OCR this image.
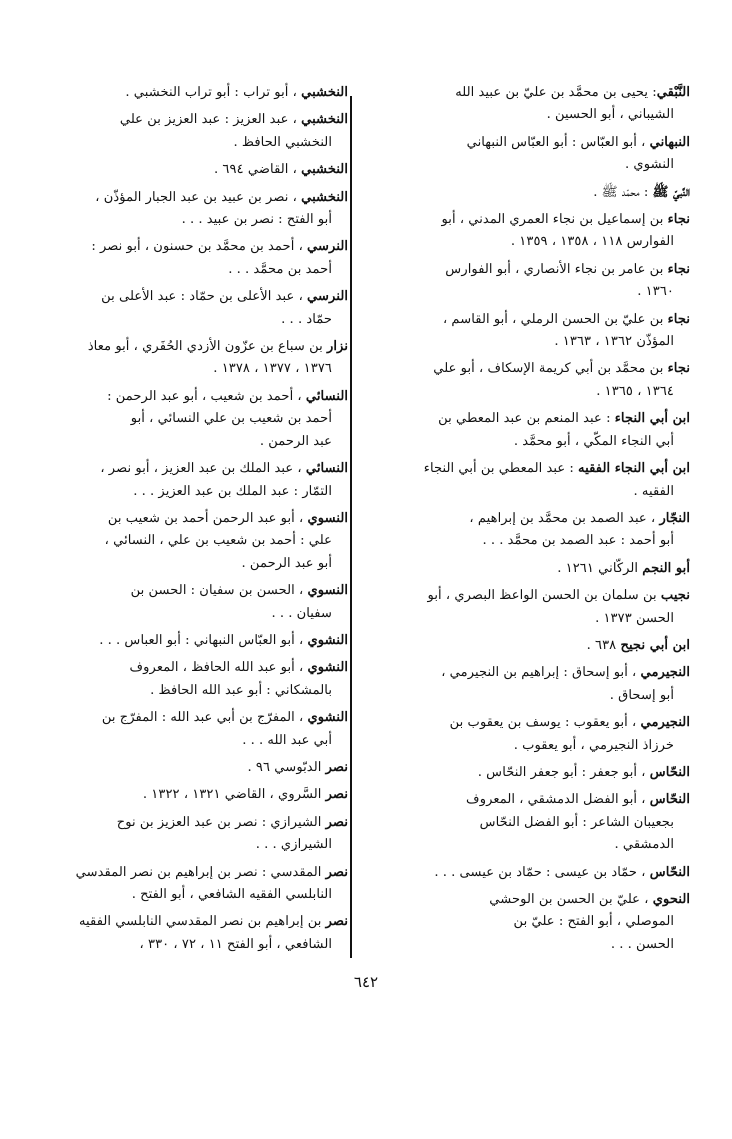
النَّبْقي: يحيى بن محمَّد بن عليّ بن عبيد الله
الشيباني ، أبو الحسين .
النبهاني ، أبو العبّاس : أبو العبّاس النبهاني
النشوي .
النَّبيّ ﷺ : محمّد ﷺ .
نجاء بن إسماعيل بن نجاء العمري المدني ، أبو
الفوارس ١١٨ ، ١٣٥٨ ، ١٣٥٩ .
نجاء بن عامر بن نجاء الأنصاري ، أبو الفوارس
١٣٦٠ .
نجاء بن عليّ بن الحسن الرملي ، أبو القاسم ،
المؤذّن ١٣٦٢ ، ١٣٦٣ .
نجاء بن محمَّد بن أبي كريمة الإسكاف ، أبو علي
١٣٦٤ ، ١٣٦٥ .
ابن أبي النجاء : عبد المنعم بن عبد المعطي بن
أبي النجاء المكّي ، أبو محمَّد .
ابن أبي النجاء الفقيه : عبد المعطي بن أبي النجاء
الفقيه .
النجّار ، عبد الصمد بن محمَّد بن إبراهيم ،
أبو أحمد : عبد الصمد بن محمَّد . . .
أبو النجم الركّاني ١٢٦١ .
نجيب بن سلمان بن الحسن الواعظ البصري ، أبو
الحسن ١٣٧٣ .
ابن أبي نجيح ٦٣٨ .
النجيرمي ، أبو إسحاق : إبراهيم بن النجيرمي ،
أبو إسحاق .
النجيرمي ، أبو يعقوب : يوسف بن يعقوب بن
خرزاذ النجيرمي ، أبو يعقوب .
النحّاس ، أبو جعفر : أبو جعفر النحّاس .
النحّاس ، أبو الفضل الدمشقي ، المعروف
بجعيبان الشاعر : أبو الفضل النحّاس
الدمشقي .
النحّاس ، حمّاد بن عيسى : حمّاد بن عيسى . . .
النحوي ، عليّ بن الحسن بن الوحشي
الموصلي ، أبو الفتح : عليّ بن
الحسن . . .
النخشبي ، أبو تراب : أبو تراب النخشبي .
النخشبي ، عبد العزيز : عبد العزيز بن علي
النخشبي الحافظ .
النخشبي ، القاضي ٦٩٤ .
النخشبي ، نصر بن عبيد بن عبد الجبار المؤذّن ،
أبو الفتح : نصر بن عبيد . . .
النرسي ، أحمد بن محمَّد بن حسنون ، أبو نصر :
أحمد بن محمَّد . . .
النرسي ، عبد الأعلى بن حمّاد : عبد الأعلى بن
حمّاد . . .
نزار بن سباع بن عزّون الأزدي الحُفَري ، أبو معاذ
١٣٧٦ ، ١٣٧٧ ، ١٣٧٨ .
النسائي ، أحمد بن شعيب ، أبو عبد الرحمن :
أحمد بن شعيب بن علي النسائي ، أبو
عبد الرحمن .
النسائي ، عبد الملك بن عبد العزيز ، أبو نصر ،
التمّار : عبد الملك بن عبد العزيز . . .
النسوي ، أبو عبد الرحمن أحمد بن شعيب بن
علي : أحمد بن شعيب بن علي ، النسائي ،
أبو عبد الرحمن .
النسوي ، الحسن بن سفيان : الحسن بن
سفيان . . .
النشوي ، أبو العبّاس النبهاني : أبو العباس . . .
النشوي ، أبو عبد الله الحافظ ، المعروف
بالمشكاني : أبو عبد الله الحافظ .
النشوي ، المفرّج بن أبي عبد الله : المفرّج بن
أبي عبد الله . . .
نصر الدبّوسي ٩٦ .
نصر السَّروي ، القاضي ١٣٢١ ، ١٣٢٢ .
نصر الشيرازي : نصر بن عبد العزيز بن نوح
الشيرازي . . .
نصر المقدسي : نصر بن إبراهيم بن نصر المقدسي
النابلسي الفقيه الشافعي ، أبو الفتح .
نصر بن إبراهيم بن نصر المقدسي النابلسي الفقيه
الشافعي ، أبو الفتح ١١ ، ٧٢ ، ٣٣٠ ،
٦٤٢
